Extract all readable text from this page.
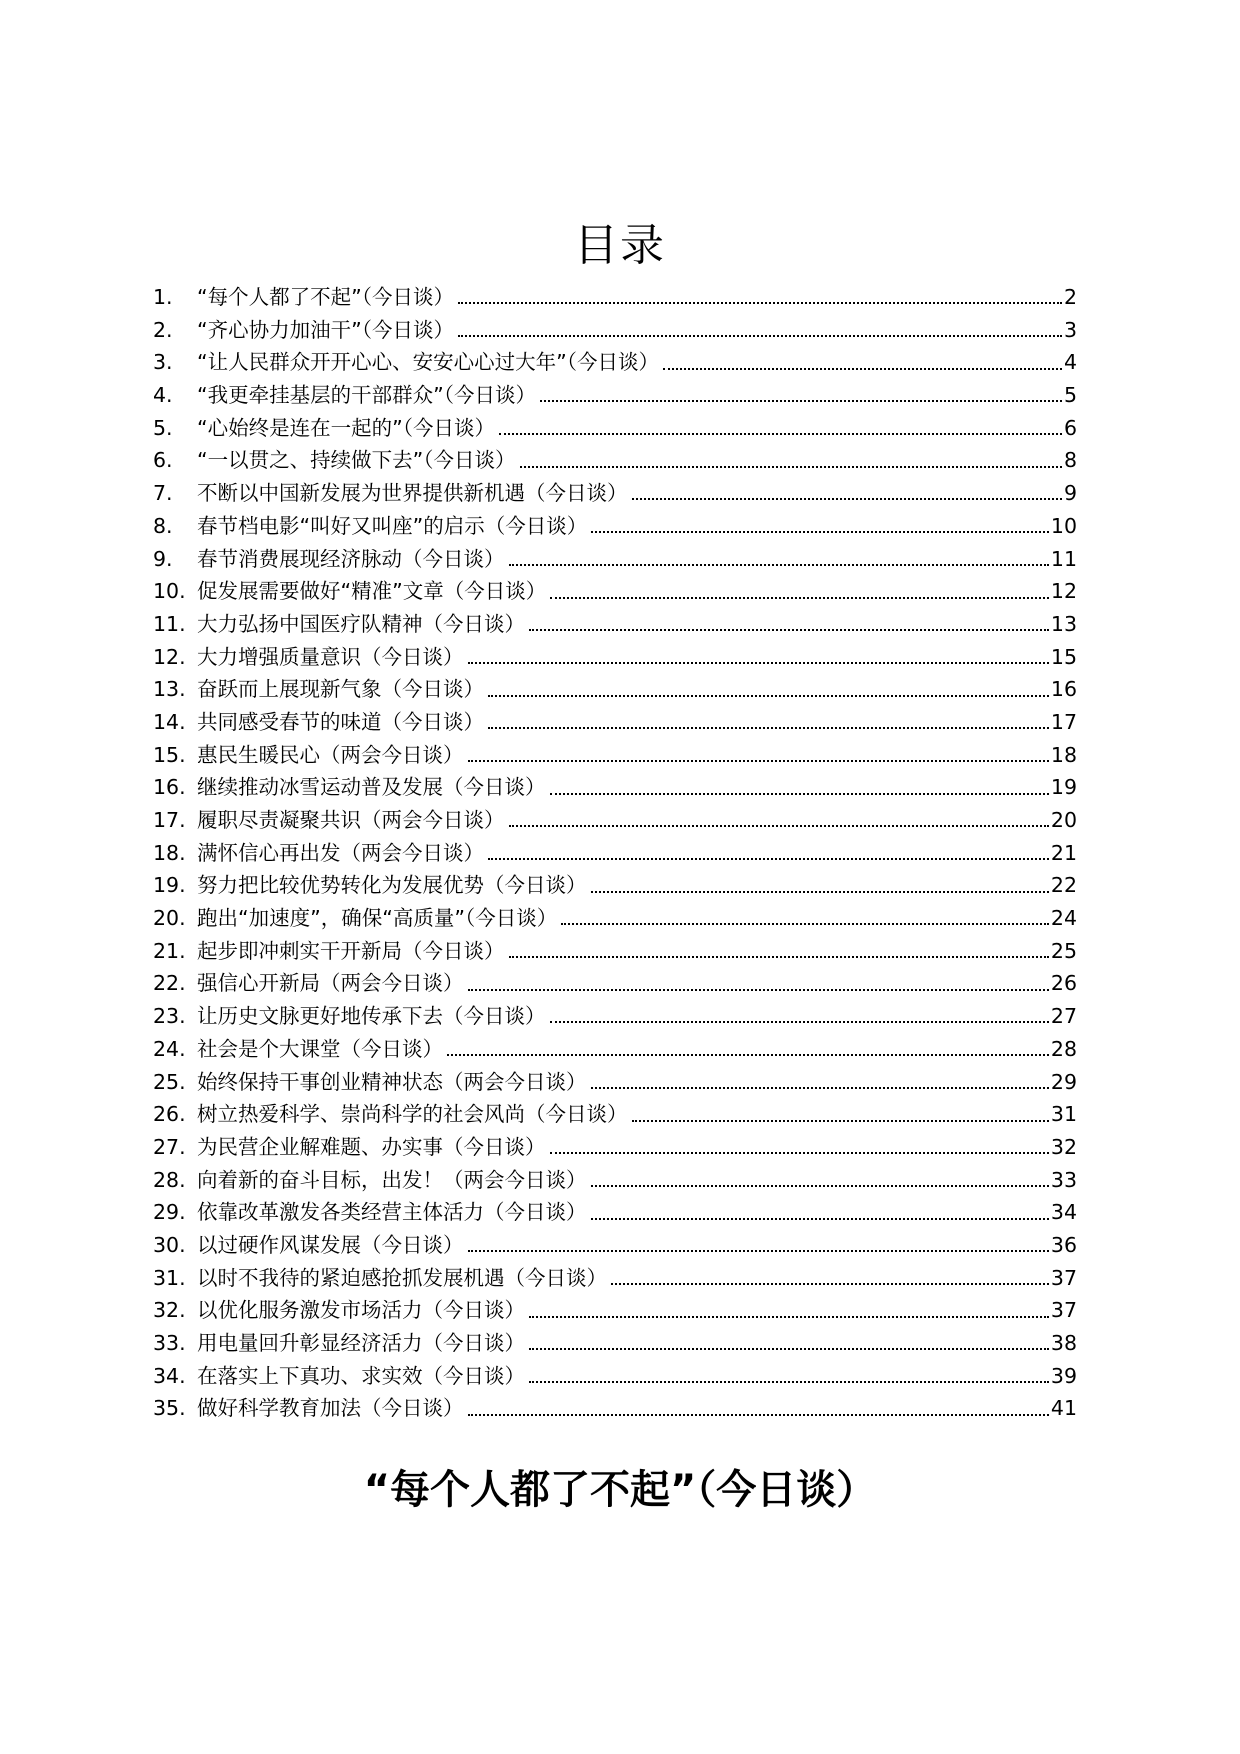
目录
1.	“每个人都了不起”（今日谈）	2
2.	“齐心协力加油干”（今日谈）	3
3.	“让人民群众开开心心、安安心心过大年”（今日谈）	4
4.	“我更牵挂基层的干部群众”（今日谈）	5
5.	“心始终是连在一起的”（今日谈）	6
6.	“一以贯之、持续做下去”（今日谈）	8
7.	不断以中国新发展为世界提供新机遇（今日谈）	9
8.	春节档电影“叫好又叫座”的启示（今日谈）	10
9.	春节消费展现经济脉动（今日谈）	11
10. 促发展需要做好“精准”文章（今日谈）	12
11. 大力弘扬中国医疗队精神（今日谈）	13
12. 大力增强质量意识（今日谈）	15
13. 奋跃而上展现新气象（今日谈）	16
14. 共同感受春节的味道（今日谈）	17
15. 惠民生暖民心（两会今日谈）	18
16. 继续推动冰雪运动普及发展（今日谈）	19
17. 履职尽责凝聚共识（两会今日谈）	20
18. 满怀信心再出发（两会今日谈）	21
19. 努力把比较优势转化为发展优势（今日谈）	22
20. 跑出“加速度”，确保“高质量”（今日谈）	24
21. 起步即冲刺实干开新局（今日谈）	25
22. 强信心开新局（两会今日谈）	26
23. 让历史文脉更好地传承下去（今日谈）	27
24. 社会是个大课堂（今日谈）	28
25. 始终保持干事创业精神状态（两会今日谈）	29
26. 树立热爱科学、崇尚科学的社会风尚（今日谈）	31
27. 为民营企业解难题、办实事（今日谈）	32
28. 向着新的奋斗目标，出发！（两会今日谈）	33
29. 依靠改革激发各类经营主体活力（今日谈）	34
30. 以过硬作风谋发展（今日谈）	36
31. 以时不我待的紧迫感抢抓发展机遇（今日谈）	37
32. 以优化服务激发市场活力（今日谈）	37
33. 用电量回升彰显经济活力（今日谈）	38
34. 在落实上下真功、求实效（今日谈）	39
35. 做好科学教育加法（今日谈）	41
“每个人都了不起”（今日谈）
